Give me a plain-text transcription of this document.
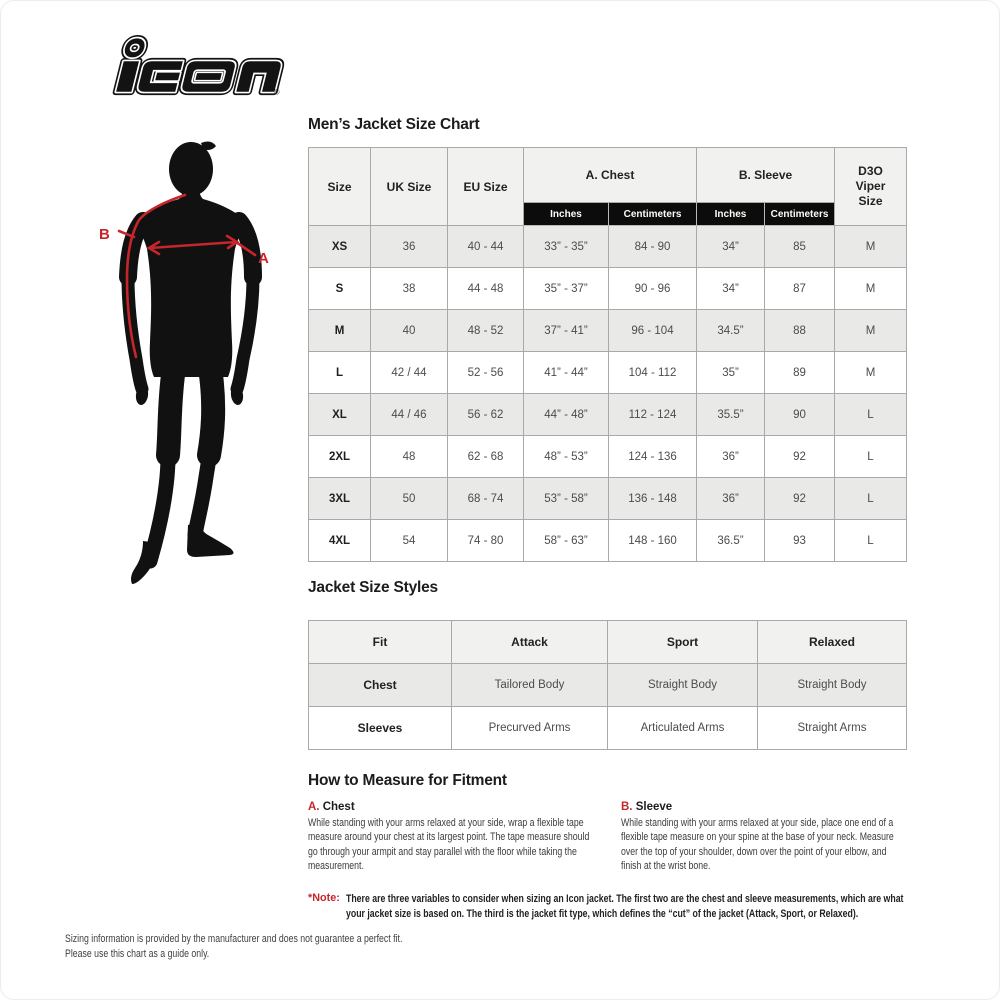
®
B
A
Men’s Jacket Size Chart
Size	UK Size	EU Size	A. Chest		B. Sleeve		D3O Viper Size
			Inches	Centimeters	Inches	Centimeters	
XS	36	40 - 44	33” - 35”	84 - 90	34”	85	M
S	38	44 - 48	35” - 37”	90 - 96	34”	87	M
M	40	48 - 52	37” - 41”	96 - 104	34.5”	88	M
L	42 / 44	52 - 56	41” - 44”	104 - 112	35”	89	M
XL	44 / 46	56 - 62	44” - 48”	112 - 124	35.5”	90	L
2XL	48	62 - 68	48” - 53”	124 - 136	36”	92	L
3XL	50	68 - 74	53” - 58”	136 - 148	36”	92	L
4XL	54	74 - 80	58” - 63”	148 - 160	36.5”	93	L
Jacket Size Styles
Fit	Attack	Sport	Relaxed
Chest	Tailored Body	Straight Body	Straight Body
Sleeves	Precurved Arms	Articulated Arms	Straight Arms
How to Measure for Fitment
A. Chest

While standing with your arms relaxed at your side, wrap a flexible tape measure around your chest at its largest point. The tape measure should go through your armpit and stay parallel with the floor while taking the measurement.

B. Sleeve

While standing with your arms relaxed at your side, place one end of a flexible tape measure on your spine at the base of your neck. Measure over the top of your shoulder, down over the point of your elbow, and finish at the wrist bone.

*Note: There are three variables to consider when sizing an Icon jacket. The first two are the chest and sleeve measurements, which are what your jacket size is based on. The third is the jacket fit type, which defines the “cut” of the jacket (Attack, Sport, or Relaxed).
Sizing information is provided by the manufacturer and does not guarantee a perfect fit.
Please use this chart as a guide only.
